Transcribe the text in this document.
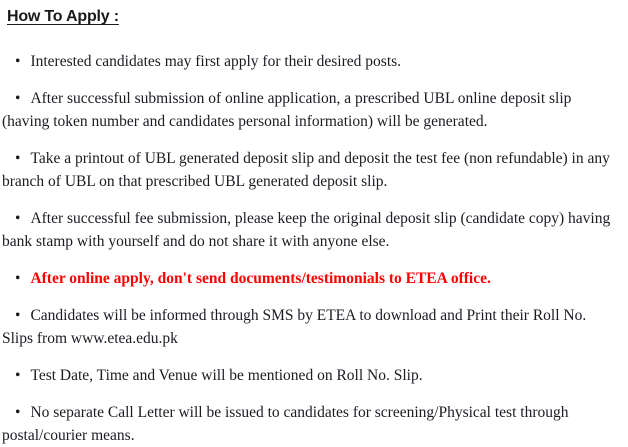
How To Apply :
• Interested candidates may first apply for their desired posts.
• After successful submission of online application, a prescribed UBL online deposit slip (having token number and candidates personal information) will be generated.
• Take a printout of UBL generated deposit slip and deposit the test fee (non refundable) in any branch of UBL on that prescribed UBL generated deposit slip.
• After successful fee submission, please keep the original deposit slip (candidate copy) having bank stamp with yourself and do not share it with anyone else.
• After online apply, don't send documents/testimonials to ETEA office.
• Candidates will be informed through SMS by ETEA to download and Print their Roll No. Slips from www.etea.edu.pk
• Test Date, Time and Venue will be mentioned on Roll No. Slip.
• No separate Call Letter will be issued to candidates for screening/Physical test through postal/courier means.
